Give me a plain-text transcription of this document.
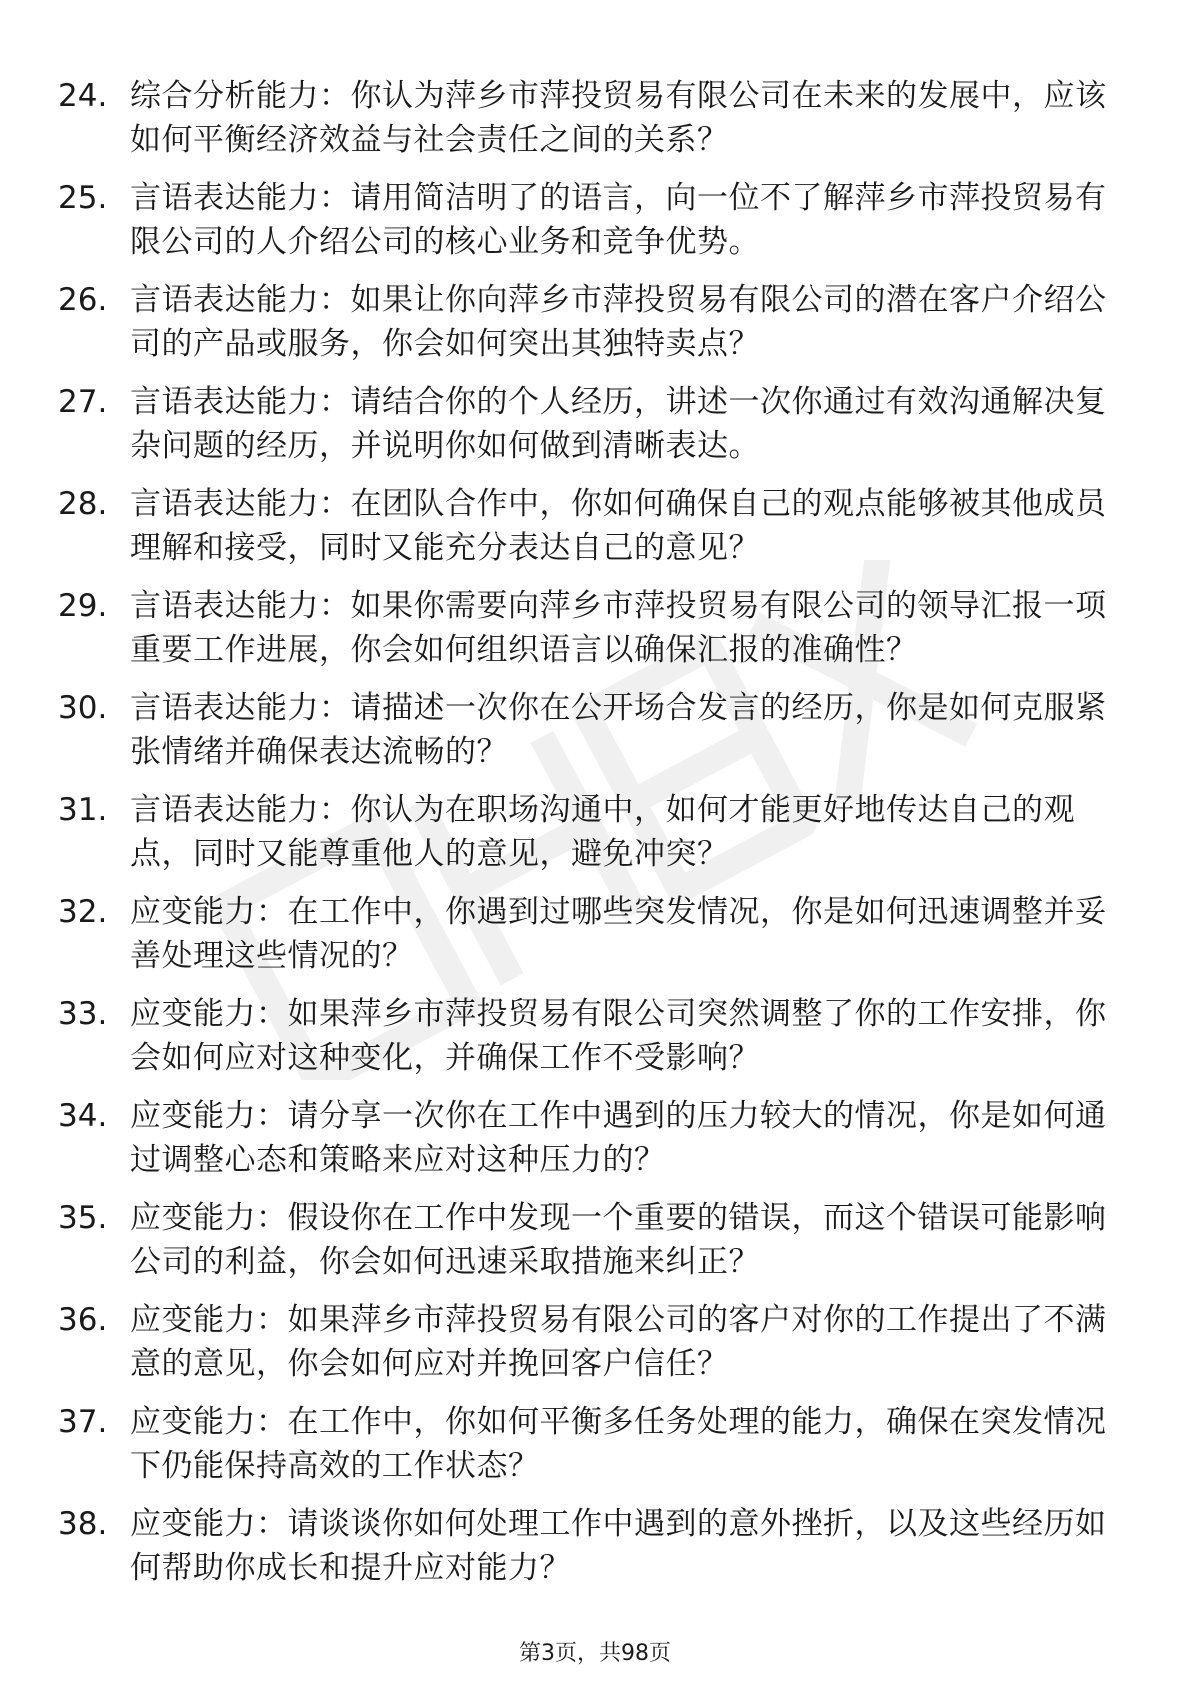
24. 综合分析能力：你认为萍乡市萍投贸易有限公司在未来的发展中，应该如何平衡经济效益与社会责任之间的关系？
25. 言语表达能力：请用简洁明了的语言，向一位不了解萍乡市萍投贸易有限公司的人介绍公司的核心业务和竞争优势。
26. 言语表达能力：如果让你向萍乡市萍投贸易有限公司的潜在客户介绍公司的产品或服务，你会如何突出其独特卖点？
27. 言语表达能力：请结合你的个人经历，讲述一次你通过有效沟通解决复杂问题的经历，并说明你如何做到清晰表达。
28. 言语表达能力：在团队合作中，你如何确保自己的观点能够被其他成员理解和接受，同时又能充分表达自己的意见？
29. 言语表达能力：如果你需要向萍乡市萍投贸易有限公司的领导汇报一项重要工作进展，你会如何组织语言以确保汇报的准确性？
30. 言语表达能力：请描述一次你在公开场合发言的经历，你是如何克服紧张情绪并确保表达流畅的？
31. 言语表达能力：你认为在职场沟通中，如何才能更好地传达自己的观点，同时又能尊重他人的意见，避免冲突？
32. 应变能力：在工作中，你遇到过哪些突发情况，你是如何迅速调整并妥善处理这些情况的？
33. 应变能力：如果萍乡市萍投贸易有限公司突然调整了你的工作安排，你会如何应对这种变化，并确保工作不受影响？
34. 应变能力：请分享一次你在工作中遇到的压力较大的情况，你是如何通过调整心态和策略来应对这种压力的？
35. 应变能力：假设你在工作中发现一个重要的错误，而这个错误可能影响公司的利益，你会如何迅速采取措施来纠正？
36. 应变能力：如果萍乡市萍投贸易有限公司的客户对你的工作提出了不满意的意见，你会如何应对并挽回客户信任？
37. 应变能力：在工作中，你如何平衡多任务处理的能力，确保在突发情况下仍能保持高效的工作状态？
38. 应变能力：请谈谈你如何处理工作中遇到的意外挫折，以及这些经历如何帮助你成长和提升应对能力？
第3页，共98页
